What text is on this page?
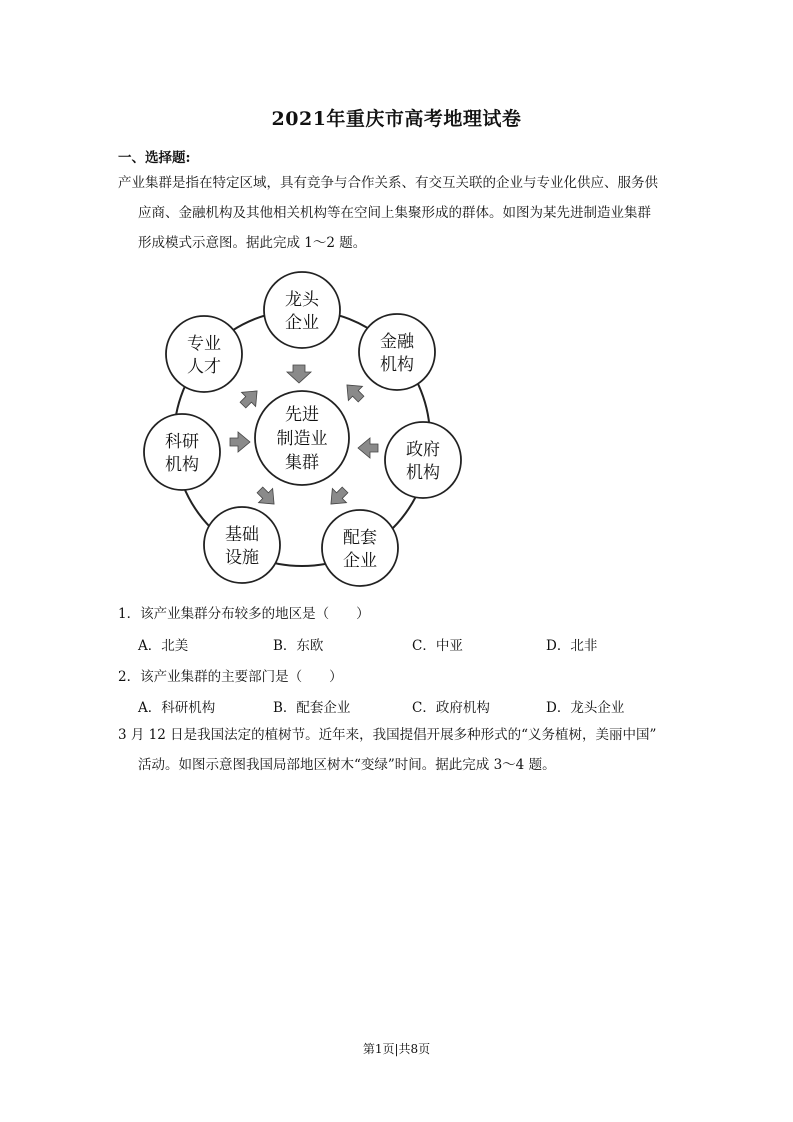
2021年重庆市高考地理试卷
一、选择题:
产业集群是指在特定区域，具有竞争与合作关系、有交互关联的企业与专业化供应、服务供
应商、金融机构及其他相关机构等在空间上集聚形成的群体。如图为某先进制造业集群
形成模式示意图。据此完成 1～2 题。
先进
制造业
集群
龙头
企业
金融
机构
政府
机构
配套
企业
基础
设施
科研
机构
专业
人才
1．该产业集群分布较多的地区是（　　）
A．北美	B．东欧	C．中亚	D．北非
2．该产业集群的主要部门是（　　）
A．科研机构	B．配套企业	C．政府机构	D．龙头企业
3 月 12 日是我国法定的植树节。近年来，我国提倡开展多种形式的“义务植树，美丽中国”
活动。如图示意图我国局部地区树木“变绿”时间。据此完成 3～4 题。
第1页|共8页
